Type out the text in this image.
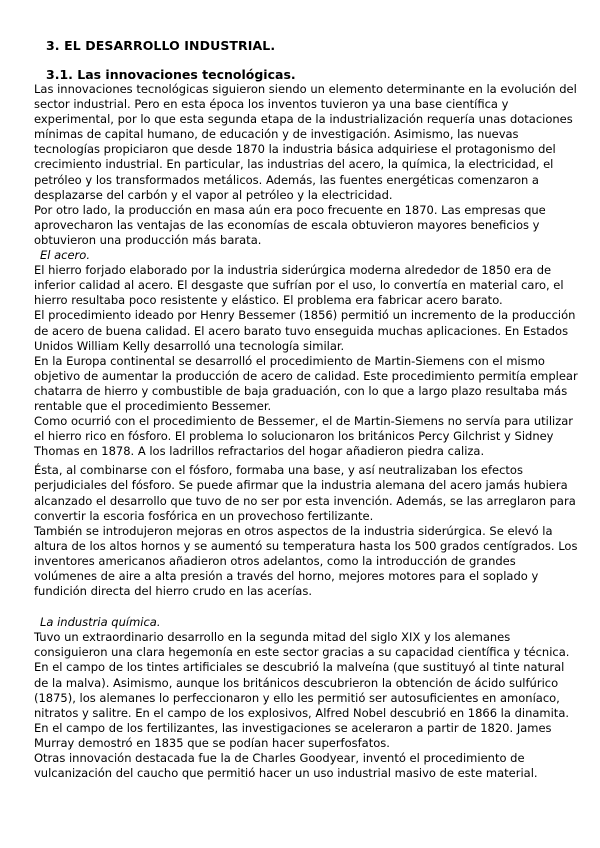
3. EL DESARROLLO INDUSTRIAL.
3.1. Las innovaciones tecnológicas.

Las innovaciones tecnológicas siguieron siendo un elemento determinante en la evolución del sector industrial. Pero en esta época los inventos tuvieron ya una base científica y experimental, por lo que esta segunda etapa de la industrialización requería unas dotaciones mínimas de capital humano, de educación y de investigación. Asimismo, las nuevas tecnologías propiciaron que desde 1870 la industria básica adquiriese el protagonismo del crecimiento industrial. En particular, las industrias del acero, la química, la electricidad, el petróleo y los transformados metálicos. Además, las fuentes energéticas comenzaron a desplazarse del carbón y el vapor al petróleo y la electricidad.

Por otro lado, la producción en masa aún era poco frecuente en 1870. Las empresas que aprovecharon las ventajas de las economías de escala obtuvieron mayores beneficios y obtuvieron una producción más barata.

El acero.

El hierro forjado elaborado por la industria siderúrgica moderna alrededor de 1850 era de inferior calidad al acero. El desgaste que sufrían por el uso, lo convertía en material caro, el hierro resultaba poco resistente y elástico. El problema era fabricar acero barato.

El procedimiento ideado por Henry Bessemer (1856) permitió un incremento de la producción de acero de buena calidad. El acero barato tuvo enseguida muchas aplicaciones. En Estados Unidos William Kelly desarrolló una tecnología similar.

En la Europa continental se desarrolló el procedimiento de Martin-Siemens con el mismo objetivo de aumentar la producción de acero de calidad. Este procedimiento permitía emplear chatarra de hierro y combustible de baja graduación, con lo que a largo plazo resultaba más rentable que el procedimiento Bessemer.

Como ocurrió con el procedimiento de Bessemer, el de Martin-Siemens no servía para utilizar el hierro rico en fósforo. El problema lo solucionaron los británicos Percy Gilchrist y Sidney Thomas en 1878. A los ladrillos refractarios del hogar añadieron piedra caliza.

Ésta, al combinarse con el fósforo, formaba una base, y así neutralizaban los efectos perjudiciales del fósforo. Se puede afirmar que la industria alemana del acero jamás hubiera alcanzado el desarrollo que tuvo de no ser por esta invención. Además, se las arreglaron para convertir la escoria fosfórica en un provechoso fertilizante.

También se introdujeron mejoras en otros aspectos de la industria siderúrgica. Se elevó la altura de los altos hornos y se aumentó su temperatura hasta los 500 grados centígrados. Los inventores americanos añadieron otros adelantos, como la introducción de grandes volúmenes de aire a alta presión a través del horno, mejores motores para el soplado y fundición directa del hierro crudo en las acerías.

La industria química.

Tuvo un extraordinario desarrollo en la segunda mitad del siglo XIX y los alemanes consiguieron una clara hegemonía en este sector gracias a su capacidad científica y técnica. En el campo de los tintes artificiales se descubrió la malveína (que sustituyó al tinte natural de la malva). Asimismo, aunque los británicos descubrieron la obtención de ácido sulfúrico (1875), los alemanes lo perfeccionaron y ello les permitió ser autosuficientes en amoníaco, nitratos y salitre. En el campo de los explosivos, Alfred Nobel descubrió en 1866 la dinamita.

En el campo de los fertilizantes, las investigaciones se aceleraron a partir de 1820. James Murray demostró en 1835 que se podían hacer superfosfatos.

Otras innovación destacada fue la de Charles Goodyear, inventó el procedimiento de vulcanización del caucho que permitió hacer un uso industrial masivo de este material.
